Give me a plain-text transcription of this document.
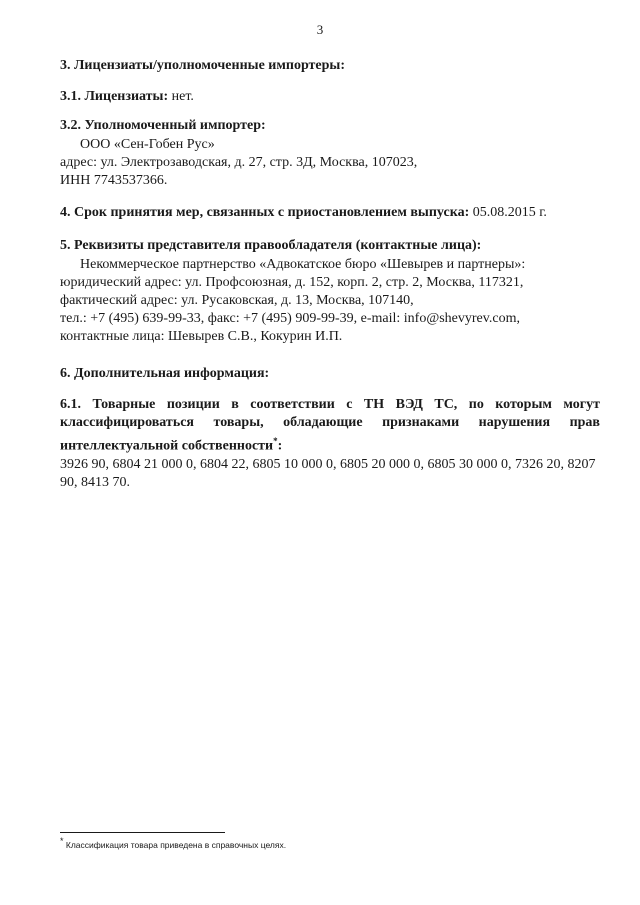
3
3. Лицензиаты/уполномоченные импортеры:
3.1. Лицензиаты: нет.
3.2. Уполномоченный импортер:
ООО «Сен-Гобен Рус»
адрес: ул. Электрозаводская, д. 27, стр. 3Д, Москва, 107023,
ИНН 7743537366.
4. Срок принятия мер, связанных с приостановлением выпуска: 05.08.2015 г.
5. Реквизиты представителя правообладателя (контактные лица):
Некоммерческое партнерство «Адвокатское бюро «Шевырев и партнеры»:
юридический адрес: ул. Профсоюзная, д. 152, корп. 2, стр. 2, Москва, 117321,
фактический адрес: ул. Русаковская, д. 13, Москва, 107140,
тел.: +7 (495) 639-99-33, факс: +7 (495) 909-99-39, e-mail: info@shevyrev.com,
контактные лица: Шевырев С.В., Кокурин И.П.
6. Дополнительная информация:
6.1. Товарные позиции в соответствии с ТН ВЭД ТС, по которым могут классифицироваться товары, обладающие признаками нарушения прав интеллектуальной собственности*:
3926 90, 6804 21 000 0, 6804 22, 6805 10 000 0, 6805 20 000 0, 6805 30 000 0, 7326 20, 8207 90, 8413 70.
* Классификация товара приведена в справочных целях.
